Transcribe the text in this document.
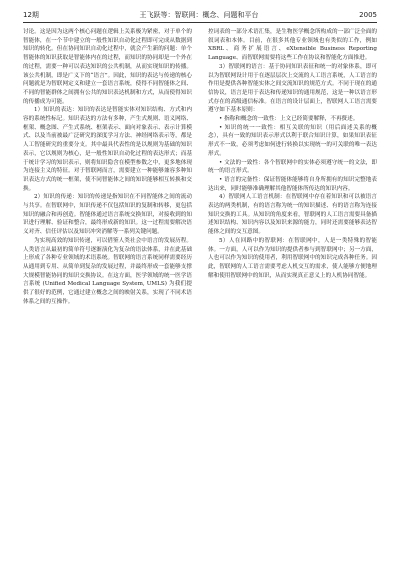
12期	王飞跃等：智联网：概念、问题和平台	2005

讨论。这是因为这两个核心问题在逻辑上关系极为紧密，对于单个的智能体，在一个节中建立的一般性知识自动化过程即可完成从数据到知识的转化。但在协同知识自动化过程中，就会产生新的问题：单个智能体的知识获取是智能体内在的过程，而知识的协同却是一个外在的过程，需要一种可以表达知识的公共机制，从而实现知识的传播。该公共机制，即是广义下的“语言”。因此，知识的表达与传递的核心问题就是为智联网定义和建立一套语言系统，使得不同智能体之间、不同的智能群体之间拥有公共的知识表达机制和方式，从而使得知识的传播成为可能。

1）知识的表达：知识的表达是智能实体对知识结构、方式和内容的系统性标记。知识表达的方法有多种，产生式规则、语义网络、框架、概念图、产生式系统、框架表示、面向对象表示、表示计算模式、以及当前被最广泛研究的深度学习方法、神经网络表示等，都是人工智能研究的重要分支。其中最具代表性的是以规则为基础的知识表示，它以规则为核心，是一般性知识自动化过程的表达形式；而基于统计学习的知识表示，则将知识隐含在模型参数之中，更多地体现为连接主义的特征。对于智联网而言，需要建立一种能够兼容多种知识表达方式的统一框架，使不同智能体之间的知识能够相互转换和交换。

2）知识的传递：知识的传递是指知识在不同智能体之间的流动与共享。在智联网中，知识传递不仅包括知识的复制和转移，更包括知识的融合和再创造。智能体通过语言系统交换知识，对接收到的知识进行理解、验证和整合，最终形成新的知识。这一过程需要解决语义对齐、信任评估以及知识冲突消解等一系列关键问题。

为实现高效的知识传递，可以借鉴人类社会中语言的发展历程。人类语言从最初的简单符号逐渐演化为复杂的语法体系，并在此基础上形成了各种专业领域的术语系统。智联网的语言系统同样需要经历从通用到专用、从简单到复杂的发展过程，并最终形成一套能够支撑大规模智能协同的知识交换协议。在这方面，医学领域的统一医学语言系统 (Unified Medical Language System, UMLS) 为我们提供了很好的范例，它通过建立概念之间的映射关系，实现了不同术语体系之间的互操作。

控词表的一部分术语汇集，是生物医学概念所构成的一部广泛全面的叙词表和本体。目前，在很多其他专业领域也有类似的工作，例如 XBRL、商务扩展语言、eXtensible Business Reporting Language、而智联网需要将这些工作在协议和智能化方面推进。

3）智联网的语言：基于协同知识表征和统一的对象体系，即可以为智联网设计用于在逐层层次上交流的人工语言系统，人工语言的作用是提供各种智能实体之间交流知识的规范方式。不同于现在的通信协议，语言是用于表达和传递知识的通用规范，这是一种以语言形式存在的高级通信标准。在语言的设计层面上，智联网人工语言需要遵守如下基本原则：

• 指称和概念的一致性：上文已经简要解释，不再赘述。

• 知识的统一一致性：相互关联的知识（用后面述关系的概念），具有一致的知识表示形式以利于联合知识计算，如果知识表征形式不一致，必须考虑如何进行转换以实现统一的可关联的唯一表达形式。

• 文法的一致性：各个智联网中的实体必须遵守统一的文法，即统一的语言形式。

• 语言的完备性：保证智能体能够将自身所拥有的知识完整地表达出来，同时能够准确理解其他智能体所传达的知识内容。

4）智联网人工语言机制：在智联网中存在着知识和可以被语言表达的两类机制，有的语言称为统一的知识描述、有的语言称为连接知识交换的工具。从知识的角度来看，智联网的人工语言需要具备描述知识结构、知识内容以及知识来源的能力，同时还需要能够表达智能体之间的交互意图。

5）人在回路中的智联网：在智联网中，人是一类特殊的智能体。一方面，人可以作为知识的提供者参与到智联网中；另一方面，人也可以作为知识的使用者，利用智联网中的知识完成各种任务。因此，智联网的人工语言需要考虑人机交互的需求，使人能够方便地理解和使用智联网中的知识，从而实现真正意义上的人机协同智能。
